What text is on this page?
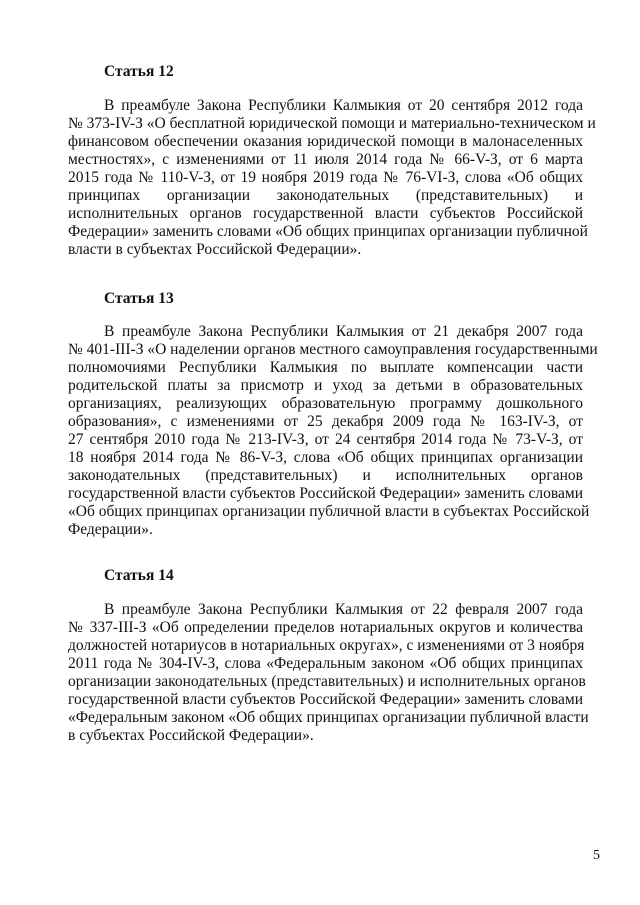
Статья 12

В преамбуле Закона Республики Калмыкия от 20 сентября 2012 года
№ 373-IV-З «О бесплатной юридической помощи и материально-техническом и
финансовом обеспечении оказания юридической помощи в малонаселенных
местностях», с изменениями от 11 июля 2014 года № 66-V-З, от 6 марта
2015 года № 110-V-З, от 19 ноября 2019 года № 76-VI-З, слова «Об общих
принципах организации законодательных (представительных) и
исполнительных органов государственной власти субъектов Российской
Федерации» заменить словами «Об общих принципах организации публичной
власти в субъектах Российской Федерации».

Статья 13

В преамбуле Закона Республики Калмыкия от 21 декабря 2007 года
№ 401-III-З «О наделении органов местного самоуправления государственными
полномочиями Республики Калмыкия по выплате компенсации части
родительской платы за присмотр и уход за детьми в образовательных
организациях, реализующих образовательную программу дошкольного
образования», с изменениями от 25 декабря 2009 года № 163-IV-З, от
27 сентября 2010 года № 213-IV-З, от 24 сентября 2014 года № 73-V-З, от
18 ноября 2014 года № 86-V-З, слова «Об общих принципах организации
законодательных (представительных) и исполнительных органов
государственной власти субъектов Российской Федерации» заменить словами
«Об общих принципах организации публичной власти в субъектах Российской
Федерации».

Статья 14

В преамбуле Закона Республики Калмыкия от 22 февраля 2007 года
№ 337-III-З «Об определении пределов нотариальных округов и количества
должностей нотариусов в нотариальных округах», с изменениями от 3 ноября
2011 года № 304-IV-З, слова «Федеральным законом «Об общих принципах
организации законодательных (представительных) и исполнительных органов
государственной власти субъектов Российской Федерации» заменить словами
«Федеральным законом «Об общих принципах организации публичной власти
в субъектах Российской Федерации».
5
